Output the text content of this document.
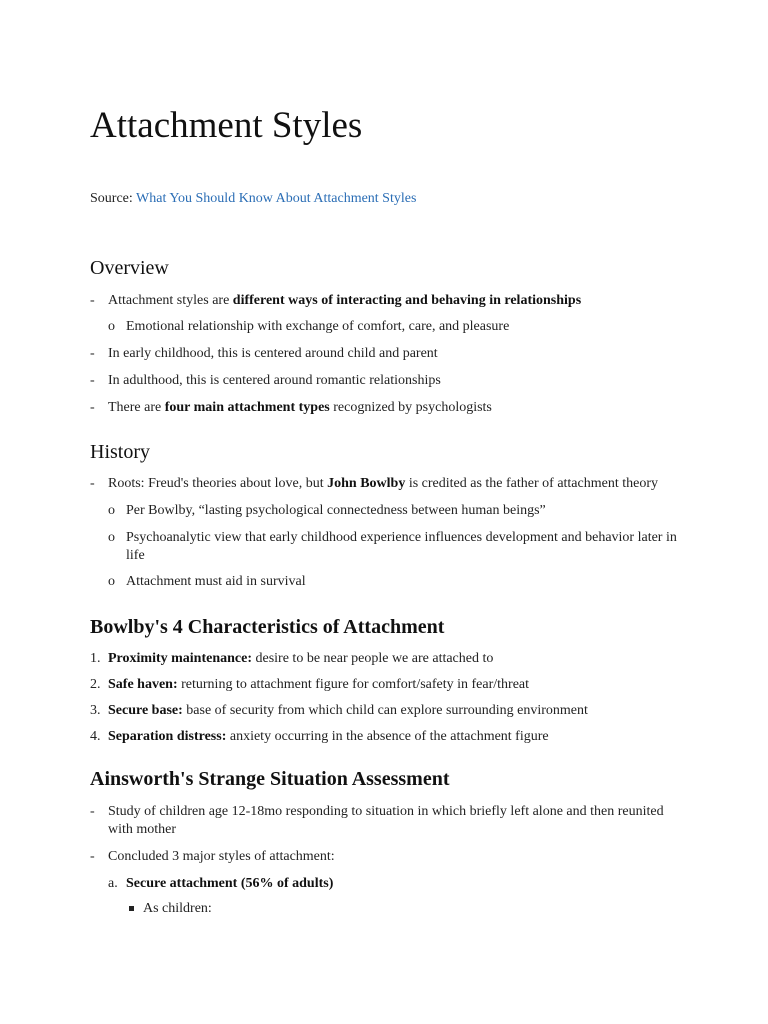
Attachment Styles
Source: What You Should Know About Attachment Styles
Overview
- Attachment styles are different ways of interacting and behaving in relationships
o Emotional relationship with exchange of comfort, care, and pleasure
- In early childhood, this is centered around child and parent
- In adulthood, this is centered around romantic relationships
- There are four main attachment types recognized by psychologists
History
- Roots: Freud's theories about love, but John Bowlby is credited as the father of attachment theory
o Per Bowlby, “lasting psychological connectedness between human beings”
o Psychoanalytic view that early childhood experience influences development and behavior later in
life
o Attachment must aid in survival
Bowlby's 4 Characteristics of Attachment
1. Proximity maintenance: desire to be near people we are attached to
2. Safe haven: returning to attachment figure for comfort/safety in fear/threat
3. Secure base: base of security from which child can explore surrounding environment
4. Separation distress: anxiety occurring in the absence of the attachment figure
Ainsworth's Strange Situation Assessment
- Study of children age 12-18mo responding to situation in which briefly left alone and then reunited
with mother
- Concluded 3 major styles of attachment:
a. Secure attachment (56% of adults)
As children:
